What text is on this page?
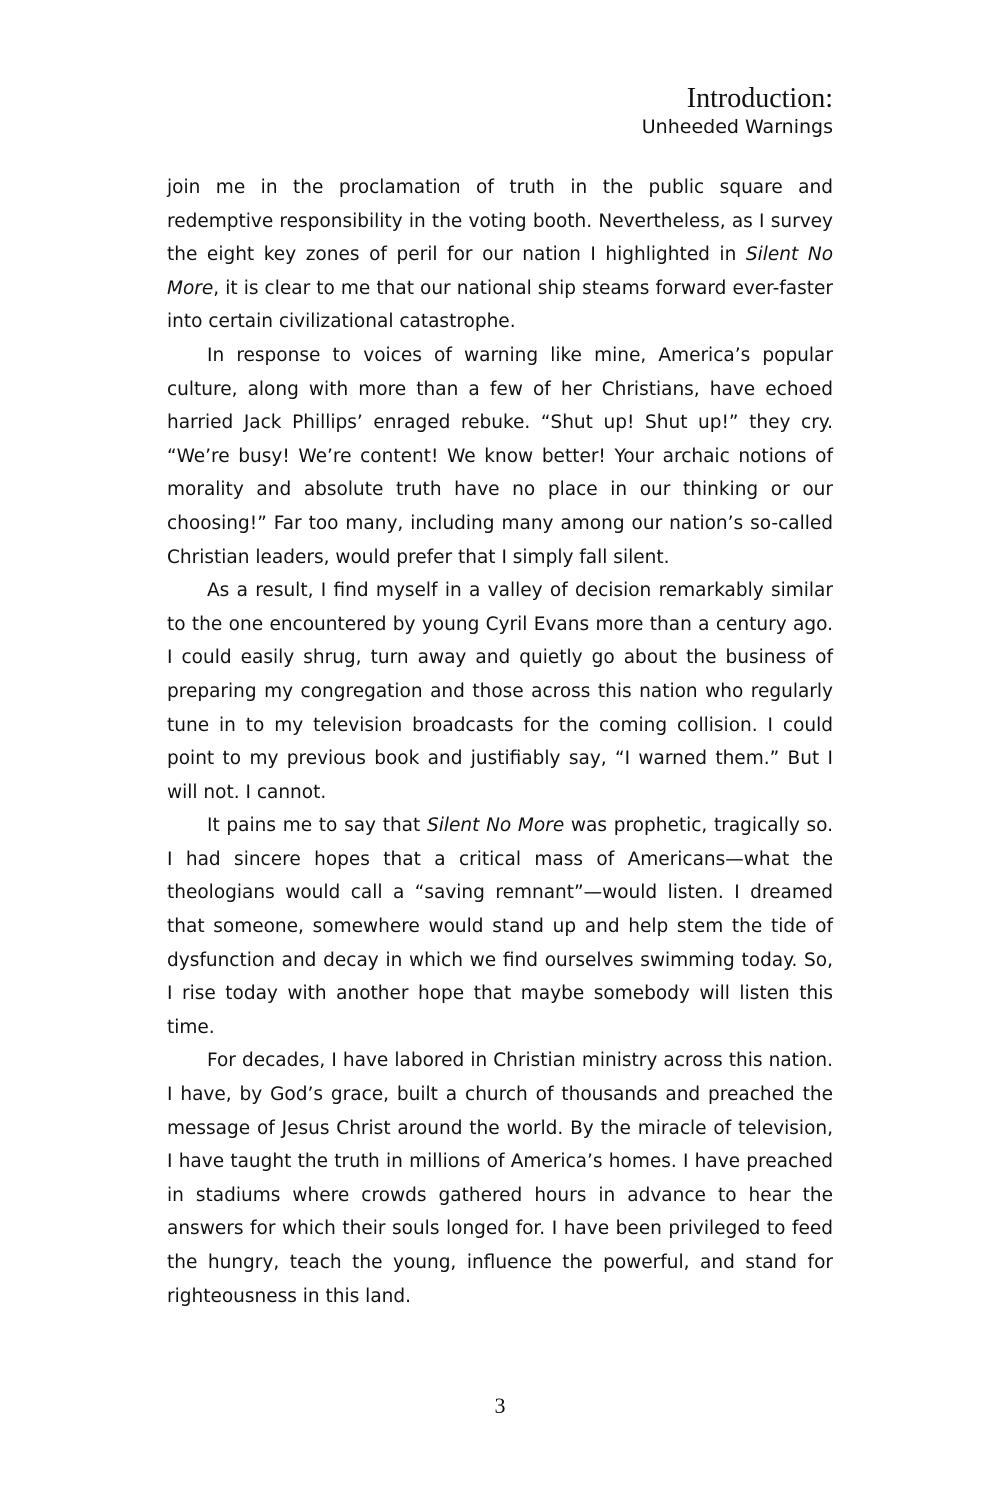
Introduction:
Unheeded Warnings

join me in the proclamation of truth in the public square and redemptive responsibility in the voting booth. Nevertheless, as I survey the eight key zones of peril for our nation I highlighted in Silent No More, it is clear to me that our national ship steams forward ever-faster into certain civilizational catastrophe.

In response to voices of warning like mine, America’s popular culture, along with more than a few of her Christians, have echoed harried Jack Phillips’ enraged rebuke. “Shut up! Shut up!” they cry. “We’re busy! We’re content! We know better! Your archaic notions of morality and absolute truth have no place in our thinking or our choosing!” Far too many, including many among our nation’s so-called Christian leaders, would prefer that I simply fall silent.

As a result, I find myself in a valley of decision remarkably similar to the one encountered by young Cyril Evans more than a century ago. I could easily shrug, turn away and quietly go about the business of preparing my congregation and those across this nation who regularly tune in to my television broadcasts for the coming collision. I could point to my previous book and justifiably say, “I warned them.” But I will not. I cannot.

It pains me to say that Silent No More was prophetic, tragically so. I had sincere hopes that a critical mass of Americans—what the theologians would call a “saving remnant”—would listen. I dreamed that someone, somewhere would stand up and help stem the tide of dysfunction and decay in which we find ourselves swimming today. So, I rise today with another hope that maybe somebody will listen this time.

For decades, I have labored in Christian ministry across this nation. I have, by God’s grace, built a church of thousands and preached the message of Jesus Christ around the world. By the miracle of television, I have taught the truth in millions of America’s homes. I have preached in stadiums where crowds gathered hours in advance to hear the answers for which their souls longed for. I have been privileged to feed the hungry, teach the young, influence the powerful, and stand for righteousness in this land.

3
